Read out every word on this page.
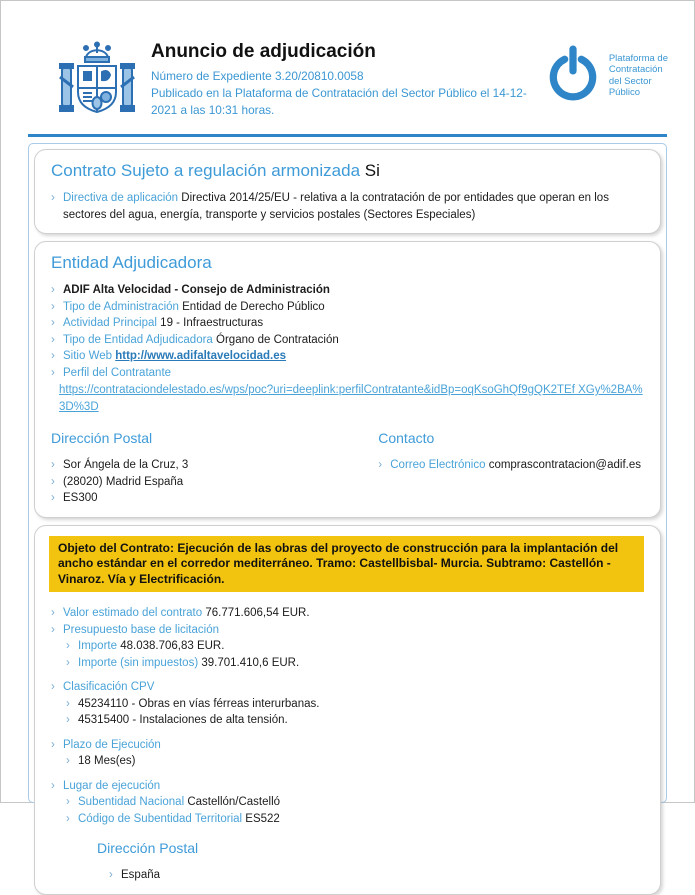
Anuncio de adjudicación
Número de Expediente 3.20/20810.0058
Publicado en la Plataforma de Contratación del Sector Público el 14-12-2021 a las 10:31 horas.
Plataforma de
Contratación
del Sector
Público
Contrato Sujeto a regulación armonizada Si
› Directiva de aplicación Directiva 2014/25/EU - relativa a la contratación de por entidades que operan en los sectores del agua, energía, transporte y servicios postales (Sectores Especiales)
Entidad Adjudicadora
› ADIF Alta Velocidad - Consejo de Administración
› Tipo de Administración Entidad de Derecho Público
› Actividad Principal 19 - Infraestructuras
› Tipo de Entidad Adjudicadora Órgano de Contratación
› Sitio Web http://www.adifaltavelocidad.es
› Perfil del Contratante
https://contrataciondelestado.es/wps/poc?uri=deeplink:perfilContratante&idBp=oqKsoGhQf9gQK2TEf XGy%2BA%3D%3D
Dirección Postal
› Sor Ángela de la Cruz, 3
› (28020) Madrid España
› ES300
Contacto
› Correo Electrónico comprascontratacion@adif.es
Objeto del Contrato: Ejecución de las obras del proyecto de construcción para la implantación del ancho estándar en el corredor mediterráneo. Tramo: Castellbisbal- Murcia. Subtramo: Castellón - Vinaroz. Vía y Electrificación.
› Valor estimado del contrato 76.771.606,54 EUR.
› Presupuesto base de licitación
› Importe 48.038.706,83 EUR.
› Importe (sin impuestos) 39.701.410,6 EUR.
› Clasificación CPV
› 45234110 - Obras en vías férreas interurbanas.
› 45315400 - Instalaciones de alta tensión.
› Plazo de Ejecución
› 18 Mes(es)
› Lugar de ejecución
› Subentidad Nacional Castellón/Castelló
› Código de Subentidad Territorial ES522
Dirección Postal
› España
